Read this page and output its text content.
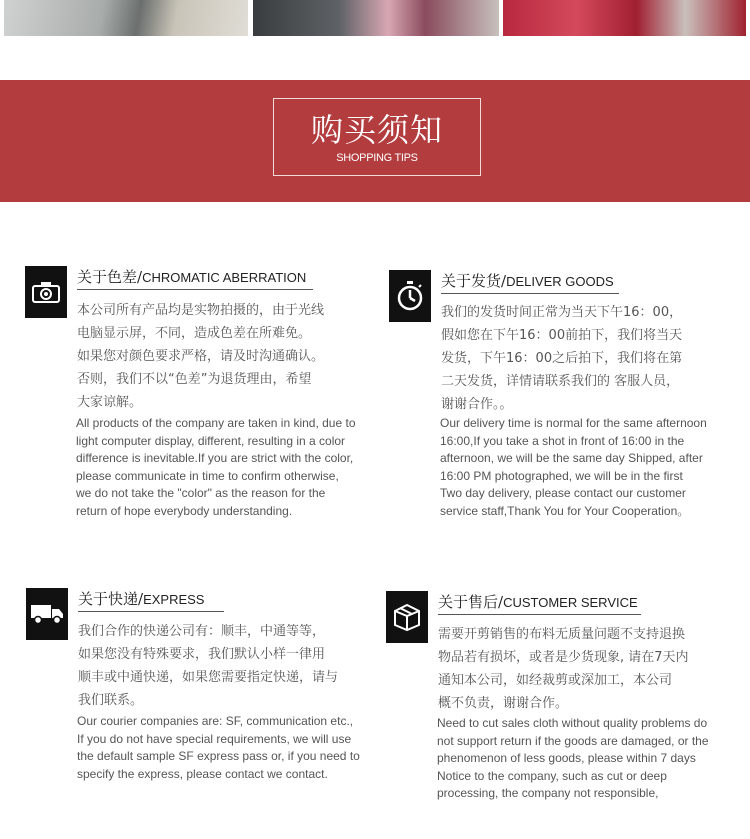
购买须知
SHOPPING TIPS
关于色差/CHROMATIC ABERRATION
本公司所有产品均是实物拍摄的，由于光线
电脑显示屏，不同，造成色差在所难免。
如果您对颜色要求严格，请及时沟通确认。
否则，我们不以“色差”为退货理由，希望
大家谅解。
All products of the company are taken in kind, due to
light computer display, different, resulting in a color
difference is inevitable.If you are strict with the color,
please communicate in time to confirm otherwise,
we do not take the "color" as the reason for the
return of hope everybody understanding.
关于发货/DELIVER GOODS
我们的发货时间正常为当天下午16：00，
假如您在下午16：00前拍下，我们将当天
发货，下午16：00之后拍下，我们将在第
二天发货，详情请联系我们的 客服人员，
谢谢合作。。
Our delivery time is normal for the same afternoon
16:00,If you take a shot in front of 16:00 in the
afternoon, we will be the same day Shipped, after
16:00 PM photographed, we will be in the first
Two day delivery, please contact our customer
service staff,Thank You for Your Cooperation。
关于快递/EXPRESS
我们合作的快递公司有：顺丰，中通等等，
如果您没有特殊要求，我们默认小样一律用
顺丰或中通快递，如果您需要指定快递，请与
我们联系。
Our courier companies are: SF, communication etc.,
If you do not have special requirements, we will use
the default sample SF express pass or, if you need to
specify the express, please contact we contact.
关于售后/CUSTOMER SERVICE
需要开剪销售的布料无质量问题不支持退换
物品若有损坏，或者是少货现象, 请在7天内
通知本公司，如经裁剪或深加工，本公司
概不负责，谢谢合作。
Need to cut sales cloth without quality problems do
not support return if the goods are damaged, or the
phenomenon of less goods, please within 7 days
Notice to the company, such as cut or deep
processing, the company not responsible,
